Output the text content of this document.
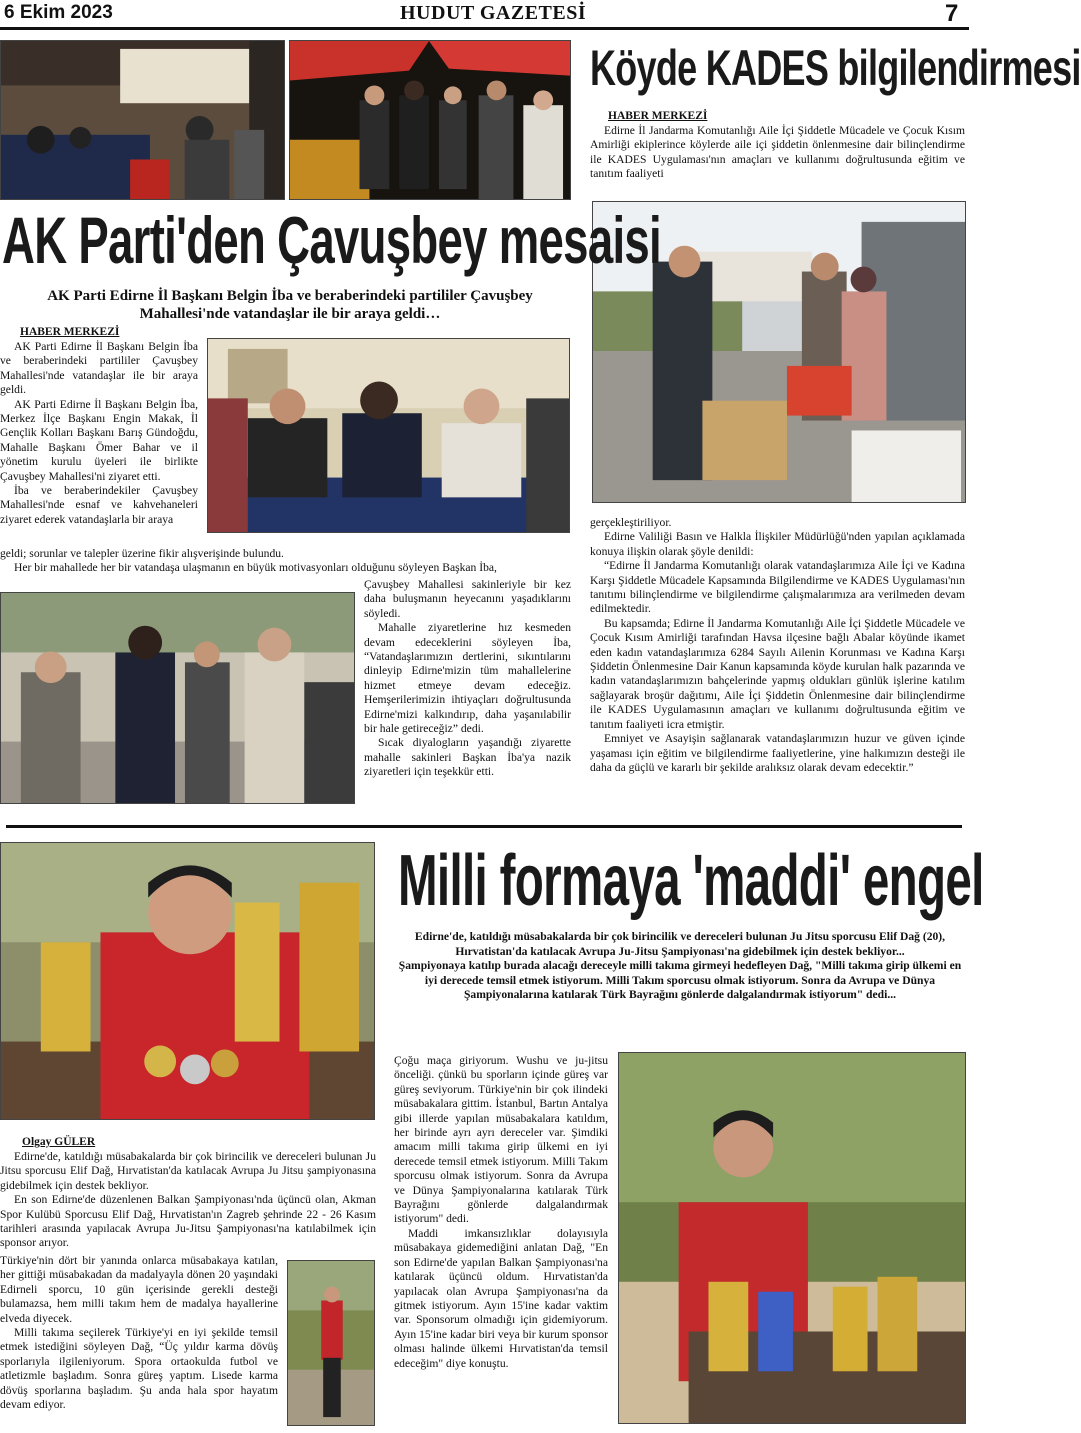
6 Ekim 2023	HUDUT GAZETESİ	7
Köyde KADES bilgilendirmesi
HABER MERKEZİ

Edirne İl Jandarma Komutanlığı Aile İçi Şiddetle Mücadele ve Çocuk Kısım Amirliği ekiplerince köylerde aile içi şiddetin önlenmesine dair bilinçlendirme ile KADES Uygulaması'nın amaçları ve kullanımı doğrultusunda eğitim ve tanıtım faaliyeti

gerçekleştiriliyor.

Edirne Valiliği Basın ve Halkla İlişkiler Müdürlüğü'nden yapılan açıklamada konuya ilişkin olarak şöyle denildi:

“Edirne İl Jandarma Komutanlığı olarak vatandaşlarımıza Aile İçi ve Kadına Karşı Şiddetle Mücadele Kapsamında Bilgilendirme ve KADES Uygulaması'nın tanıtımı bilinçlendirme ve bilgilendirme çalışmalarımıza ara verilmeden devam edilmektedir.

Bu kapsamda; Edirne İl Jandarma Komutanlığı Aile İçi Şiddetle Mücadele ve Çocuk Kısım Amirliği tarafından Havsa ilçesine bağlı Abalar köyünde ikamet eden kadın vatandaşlarımıza 6284 Sayılı Ailenin Korunması ve Kadına Karşı Şiddetin Önlenmesine Dair Kanun kapsamında köyde kurulan halk pazarında ve kadın vatandaşlarımızın bahçelerinde yapmış oldukları günlük işlerine katılım sağlayarak broşür dağıtımı, Aile İçi Şiddetin Önlenmesine dair bilinçlendirme ile KADES Uygulamasının amaçları ve kullanımı doğrultusunda eğitim ve tanıtım faaliyeti icra etmiştir.

Emniyet ve Asayişin sağlanarak vatandaşlarımızın huzur ve güven içinde yaşaması için eğitim ve bilgilendirme faaliyetlerine, yine halkımızın desteği ile daha da güçlü ve kararlı bir şekilde aralıksız olarak devam edecektir.”

AK Parti'den Çavuşbey mesaisi
AK Parti Edirne İl Başkanı Belgin İba ve beraberindeki partililer Çavuşbey Mahallesi'nde vatandaşlar ile bir araya geldi…
HABER MERKEZİ

AK Parti Edirne İl Başkanı Belgin İba ve beraberindeki partililer Çavuşbey Mahallesi'nde vatandaşlar ile bir araya geldi.

AK Parti Edirne İl Başkanı Belgin İba, Merkez İlçe Başkanı Engin Makak, İl Gençlik Kolları Başkanı Barış Gündoğdu, Mahalle Başkanı Ömer Bahar ve il yönetim kurulu üyeleri ile birlikte Çavuşbey Mahallesi'ni ziyaret etti.

İba ve beraberindekiler Çavuşbey Mahallesi'nde esnaf ve kahvehaneleri ziyaret ederek vatandaşlarla bir araya

geldi; sorunlar ve talepler üzerine fikir alışverişinde bulundu.

Her bir mahallede her bir vatandaşa ulaşmanın en büyük motivasyonları olduğunu söyleyen Başkan İba,

Çavuşbey Mahallesi sakinleriyle bir kez daha buluşmanın heyecanını yaşadıklarını söyledi.

Mahalle ziyaretlerine hız kesmeden devam edeceklerini söyleyen İba, “Vatandaşlarımızın dertlerini, sıkıntılarını dinleyip Edirne'mizin tüm mahallelerine hizmet etmeye devam edeceğiz. Hemşerilerimizin ihtiyaçları doğrultusunda Edirne'mizi kalkındırıp, daha yaşanılabilir bir hale getireceğiz” dedi.

Sıcak diyalogların yaşandığı ziyarette mahalle sakinleri Başkan İba'ya nazik ziyaretleri için teşekkür etti.

Milli formaya 'maddi' engel

Edirne'de, katıldığı müsabakalarda bir çok birincilik ve dereceleri bulunan Ju Jitsu sporcusu Elif Dağ (20), Hırvatistan'da katılacak Avrupa Ju-Jitsu Şampiyonası'na gidebilmek için destek bekliyor...

Şampiyonaya katılıp burada alacağı dereceyle milli takıma girmeyi hedefleyen Dağ, "Milli takıma girip ülkemi en iyi derecede temsil etmek istiyorum. Milli Takım sporcusu olmak istiyorum. Sonra da Avrupa ve Dünya Şampiyonalarına katılarak Türk Bayrağını gönlerde dalgalandırmak istiyorum" dedi...

Olgay GÜLER

Edirne'de, katıldığı müsabakalarda bir çok birincilik ve dereceleri bulunan Ju Jitsu sporcusu Elif Dağ, Hırvatistan'da katılacak Avrupa Ju Jitsu şampiyonasına gidebilmek için destek bekliyor.

En son Edirne'de düzenlenen Balkan Şampiyonası'nda üçüncü olan, Akman Spor Kulübü Sporcusu Elif Dağ, Hırvatistan'ın Zagreb şehrinde 22 - 26 Kasım tarihleri arasında yapılacak Avrupa Ju-Jitsu Şampiyonası'na katılabilmek için sponsor arıyor.

Türkiye'nin dört bir yanında onlarca müsabakaya katılan, her gittiği müsabakadan da madalyayla dönen 20 yaşındaki Edirneli sporcu, 10 gün içerisinde gerekli desteği bulamazsa, hem milli takım hem de madalya hayallerine elveda diyecek.

Milli takıma seçilerek Türkiye'yi en iyi şekilde temsil etmek istediğini söyleyen Dağ, “Üç yıldır karma dövüş sporlarıyla ilgileniyorum. Spora ortaokulda futbol ve atletizmle başladım. Sonra güreş yaptım. Lisede karma dövüş sporlarına başladım. Şu anda hala spor hayatım devam ediyor.

Çoğu maça giriyorum. Wushu ve ju-jitsu önceliği. çünkü bu sporların içinde güreş var güreş seviyorum. Türkiye'nin bir çok ilindeki müsabakalara gittim. İstanbul, Bartın Antalya gibi illerde yapılan müsabakalara katıldım, her birinde ayrı ayrı dereceler var. Şimdiki amacım milli takıma girip ülkemi en iyi derecede temsil etmek istiyorum. Milli Takım sporcusu olmak istiyorum. Sonra da Avrupa ve Dünya Şampiyonalarına katılarak Türk Bayrağını gönlerde dalgalandırmak istiyorum" dedi.

Maddi imkansızlıklar dolayısıyla müsabakaya gidemediğini anlatan Dağ, "En son Edirne'de yapılan Balkan Şampiyonası'na katılarak üçüncü oldum. Hırvatistan'da yapılacak olan Avrupa Şampiyonası'na da gitmek istiyorum. Ayın 15'ine kadar vaktim var. Sponsorum olmadığı için gidemiyorum. Ayın 15'ine kadar biri veya bir kurum sponsor olması halinde ülkemi Hırvatistan'da temsil edeceğim" diye konuştu.
